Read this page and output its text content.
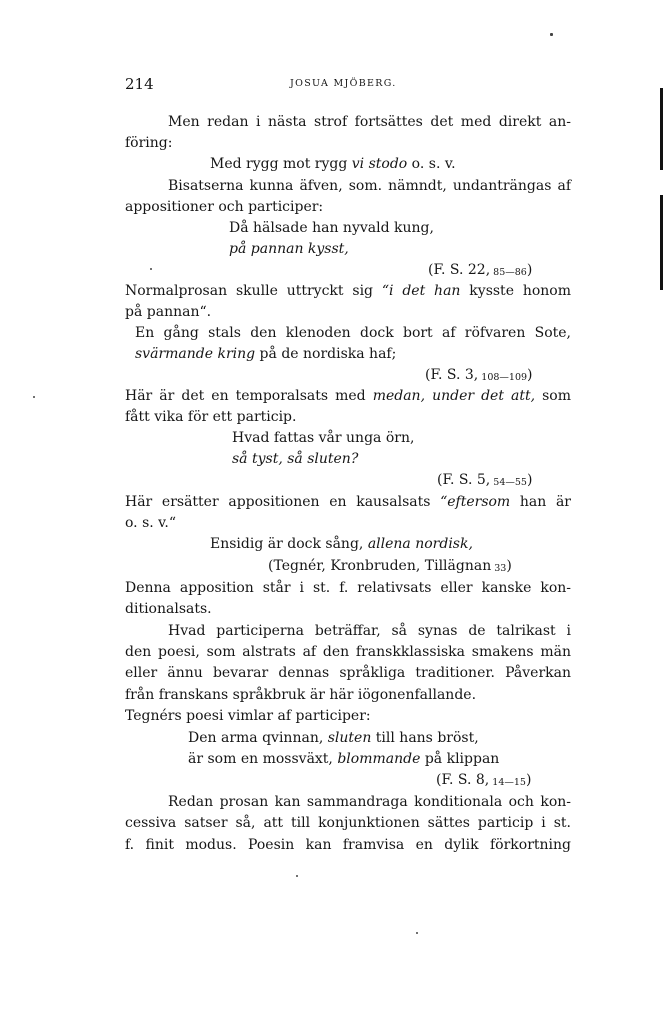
214	JOSUA MJÖBERG.
Men redan i nästa strof fortsättes det med direkt an-
föring:
Med rygg mot rygg vi stodo o. s. v.
Bisatserna kunna äfven, som. nämndt, undanträngas af
appositioner och participer:
Då hälsade han nyvald kung,
på pannan kysst,
(F. S. 22, 85—86)
Normalprosan skulle uttryckt sig “i det han kysste honom
på pannan“.
En gång stals den klenoden dock bort af röfvaren Sote,
svärmande kring på de nordiska haf;
(F. S. 3, 108—109)
Här är det en temporalsats med medan, under det att, som
fått vika för ett particip.
Hvad fattas vår unga örn,
så tyst, så sluten?
(F. S. 5, 54—55)
Här ersätter appositionen en kausalsats “eftersom han är
o. s. v.“
Ensidig är dock sång, allena nordisk,
(Tegnér, Kronbruden, Tillägnan 33)
Denna apposition står i st. f. relativsats eller kanske kon-
ditionalsats.
Hvad participerna beträffar, så synas de talrikast i
den poesi, som alstrats af den franskklassiska smakens män
eller ännu bevarar dennas språkliga traditioner. Påverkan
från franskans språkbruk är här iögonenfallande.
Tegnérs poesi vimlar af participer:
Den arma qvinnan, sluten till hans bröst,
är som en mossväxt, blommande på klippan
(F. S. 8, 14—15)
Redan prosan kan sammandraga konditionala och kon-
cessiva satser så, att till konjunktionen sättes particip i st.
f. finit modus. Poesin kan framvisa en dylik förkortning
